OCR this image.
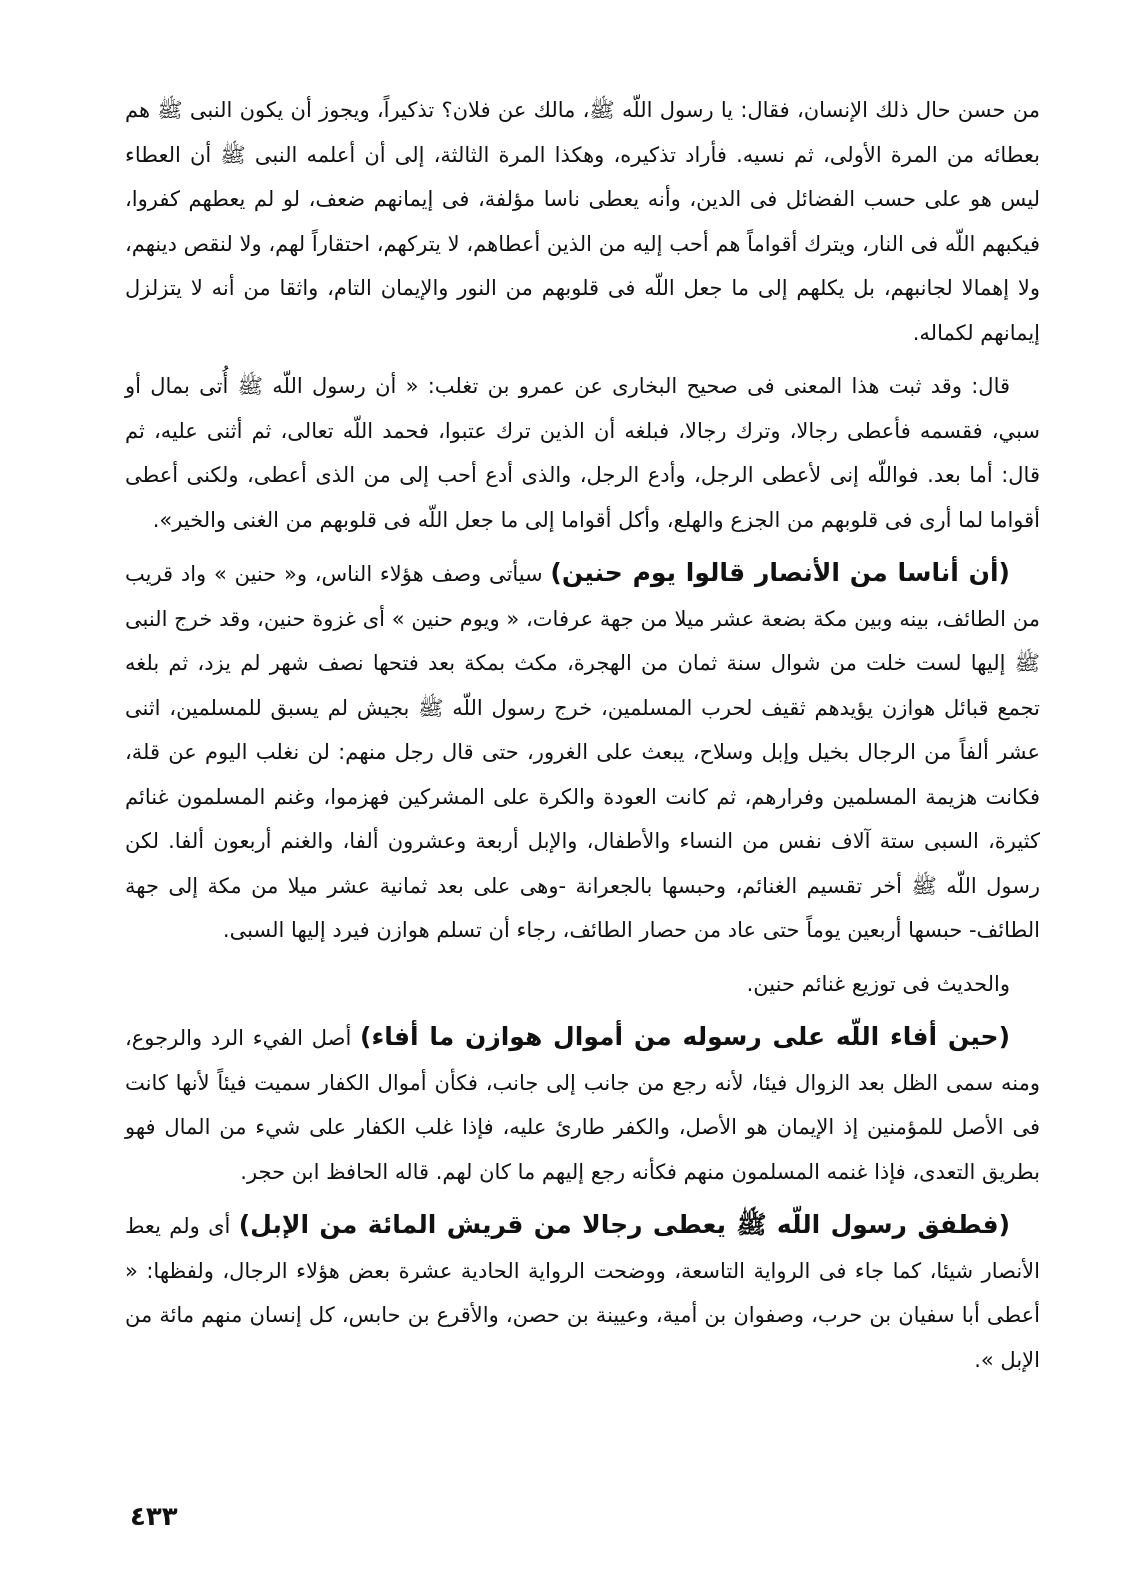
من حسن حال ذلك الإنسان، فقال: يا رسول اللّه ﷺ، مالك عن فلان؟ تذكيراً، ويجوز أن يكون النبى ﷺ هم بعطائه من المرة الأولى، ثم نسيه. فأراد تذكيره، وهكذا المرة الثالثة، إلى أن أعلمه النبى ﷺ أن العطاء ليس هو على حسب الفضائل فى الدين، وأنه يعطى ناسا مؤلفة، فى إيمانهم ضعف، لو لم يعطهم كفروا، فيكبهم اللّه فى النار، ويترك أقواماً هم أحب إليه من الذين أعطاهم، لا يتركهم، احتقاراً لهم، ولا لنقص دينهم، ولا إهمالا لجانبهم، بل يكلهم إلى ما جعل اللّه فى قلوبهم من النور والإيمان التام، واثقا من أنه لا يتزلزل إيمانهم لكماله.

قال: وقد ثبت هذا المعنى فى صحيح البخارى عن عمرو بن تغلب: « أن رسول اللّه ﷺ أُتى بمال أو سبي، فقسمه فأعطى رجالا، وترك رجالا، فبلغه أن الذين ترك عتبوا، فحمد اللّه تعالى، ثم أثنى عليه، ثم قال: أما بعد. فواللّه إنى لأعطى الرجل، وأدع الرجل، والذى أدع أحب إلى من الذى أعطى، ولكنى أعطى أقواما لما أرى فى قلوبهم من الجزع والهلع، وأكل أقواما إلى ما جعل اللّه فى قلوبهم من الغنى والخير».

(أن أناسا من الأنصار قالوا يوم حنين) سيأتى وصف هؤلاء الناس، و« حنين » واد قريب من الطائف، بينه وبين مكة بضعة عشر ميلا من جهة عرفات، « ويوم حنين » أى غزوة حنين، وقد خرج النبى ﷺ إليها لست خلت من شوال سنة ثمان من الهجرة، مكث بمكة بعد فتحها نصف شهر لم يزد، ثم بلغه تجمع قبائل هوازن يؤيدهم ثقيف لحرب المسلمين، خرج رسول اللّه ﷺ بجيش لم يسبق للمسلمين، اثنى عشر ألفاً من الرجال بخيل وإبل وسلاح، يبعث على الغرور، حتى قال رجل منهم: لن نغلب اليوم عن قلة، فكانت هزيمة المسلمين وفرارهم، ثم كانت العودة والكرة على المشركين فهزموا، وغنم المسلمون غنائم كثيرة، السبى ستة آلاف نفس من النساء والأطفال، والإبل أربعة وعشرون ألفا، والغنم أربعون ألفا. لكن رسول اللّه ﷺ أخر تقسيم الغنائم، وحبسها بالجعرانة -وهى على بعد ثمانية عشر ميلا من مكة إلى جهة الطائف- حبسها أربعين يوماً حتى عاد من حصار الطائف، رجاء أن تسلم هوازن فيرد إليها السبى.

والحديث فى توزيع غنائم حنين.

(حين أفاء اللّه على رسوله من أموال هوازن ما أفاء) أصل الفيء الرد والرجوع، ومنه سمى الظل بعد الزوال فيئا، لأنه رجع من جانب إلى جانب، فكأن أموال الكفار سميت فيئاً لأنها كانت فى الأصل للمؤمنين إذ الإيمان هو الأصل، والكفر طارئ عليه، فإذا غلب الكفار على شيء من المال فهو بطريق التعدى، فإذا غنمه المسلمون منهم فكأنه رجع إليهم ما كان لهم. قاله الحافظ ابن حجر.

(فطفق رسول اللّه ﷺ يعطى رجالا من قريش المائة من الإبل) أى ولم يعط الأنصار شيئا، كما جاء فى الرواية التاسعة، ووضحت الرواية الحادية عشرة بعض هؤلاء الرجال، ولفظها: « أعطى أبا سفيان بن حرب، وصفوان بن أمية، وعيينة بن حصن، والأقرع بن حابس، كل إنسان منهم مائة من الإبل ».

٤٣٣
